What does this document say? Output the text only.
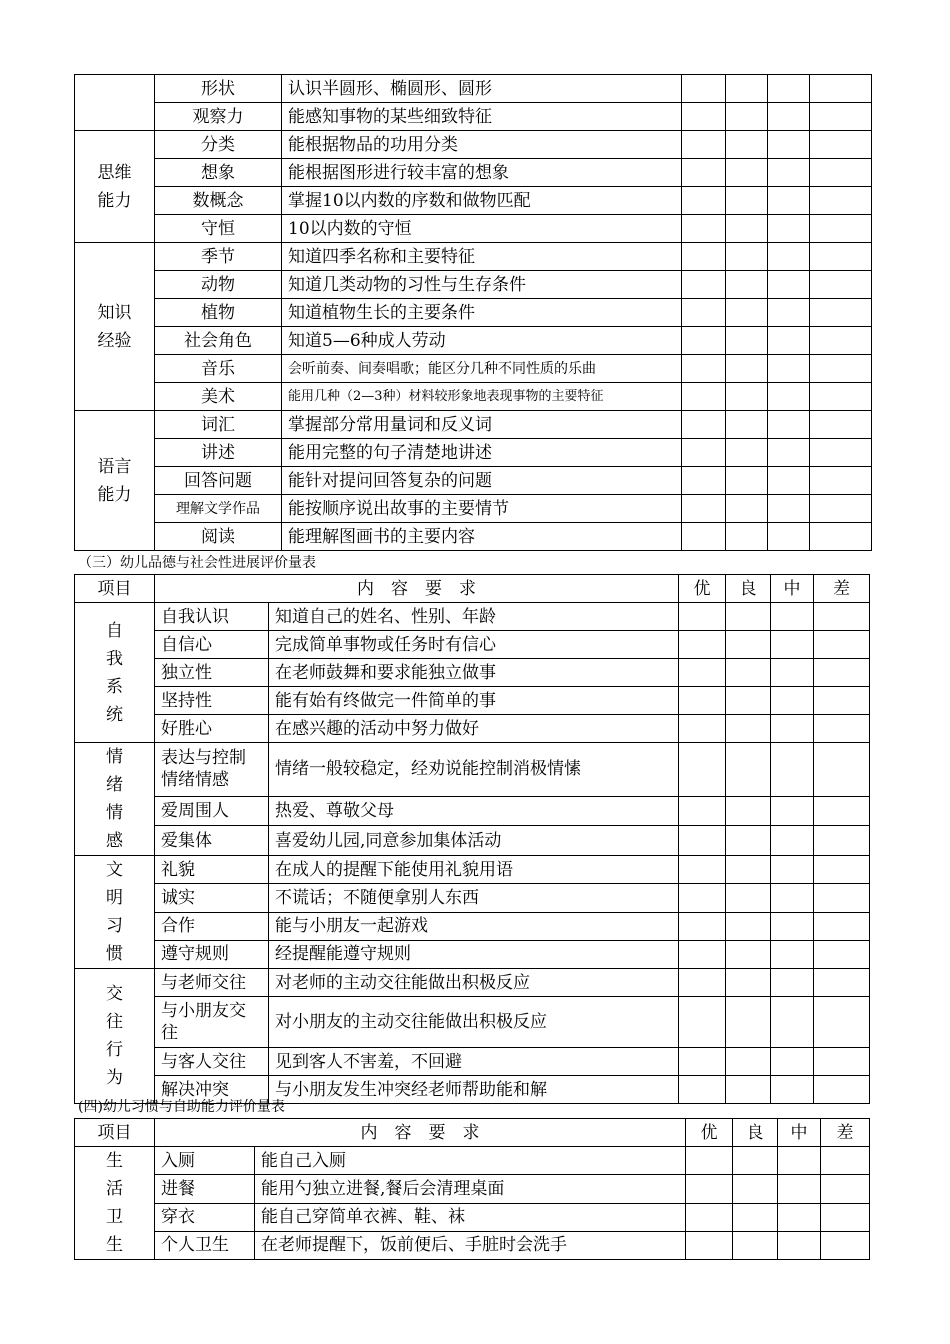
	形状	认识半圆形、椭圆形、圆形				
	观察力	能感知事物的某些细致特征				
思维能力	分类	能根据物品的功用分类				
	想象	能根据图形进行较丰富的想象				
	数概念	掌握10以内数的序数和做物匹配				
	守恒	10以内数的守恒				
知识经验	季节	知道四季名称和主要特征				
	动物	知道几类动物的习性与生存条件				
	植物	知道植物生长的主要条件				
	社会角色	知道5—6种成人劳动				
	音乐	会听前奏、间奏唱歌；能区分几种不同性质的乐曲				
	美术	能用几种（2—3种）材料较形象地表现事物的主要特征				
语言能力	词汇	掌握部分常用量词和反义词				
	讲述	能用完整的句子清楚地讲述				
	回答问题	能针对提问回答复杂的问题				
	理解文学作品	能按顺序说出故事的主要情节				
	阅读	能理解图画书的主要内容				
（三）幼儿品德与社会性进展评价量表
项目	内　容　要　求		优	良	中	差
自我系统	自我认识	知道自己的姓名、性别、年龄				
	自信心	完成简单事物或任务时有信心				
	独立性	在老师鼓舞和要求能独立做事				
	坚持性	能有始有终做完一件简单的事				
	好胜心	在感兴趣的活动中努力做好				
情绪情感	表达与控制情绪情感	情绪一般较稳定，经劝说能控制消极情愫				
	爱周围人	热爱、尊敬父母				
	爱集体	喜爱幼儿园,同意参加集体活动				
文明习惯	礼貌	在成人的提醒下能使用礼貌用语				
	诚实	不谎话；不随便拿别人东西				
	合作	能与小朋友一起游戏				
	遵守规则	经提醒能遵守规则				
交往行为	与老师交往	对老师的主动交往能做出积极反应				
	与小朋友交往	对小朋友的主动交往能做出积极反应				
	与客人交往	见到客人不害羞，不回避				
	解决冲突	与小朋友发生冲突经老师帮助能和解				
(四)幼儿习惯与自助能力评价量表
项目	内　容　要　求		优	良	中	差
生活卫生	入厕	能自己入厕				
	进餐	能用勺独立进餐,餐后会清理桌面				
	穿衣	能自己穿简单衣裤、鞋、袜				
	个人卫生	在老师提醒下，饭前便后、手脏时会洗手				
